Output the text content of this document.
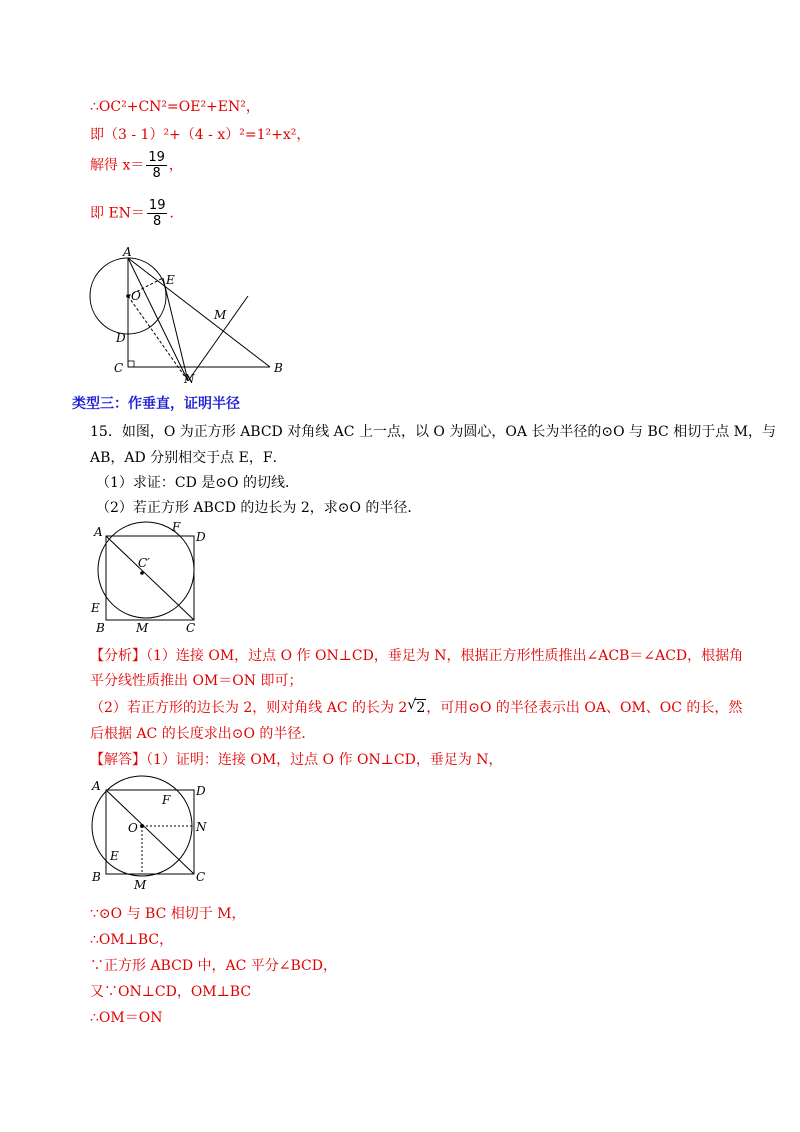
∴OC²+CN²=OE²+EN²，
即（3 - 1）²+（4 - x）²=1²+x²，
解得 $x= \frac{19}{8}$ ，
即 $EN= \frac{19}{8}$ ．
A
E
O
M
D
C
N
B
类型三：作垂直，证明半径
15．如图，O 为正方形 ABCD 对角线 AC 上一点，以 O 为圆心，OA 长为半径的⊙O 与 BC 相切于点 M，与
AB，AD 分别相交于点 E，F．
（1）求证：CD 是⊙O 的切线．
（2）若正方形 ABCD 的边长为 2，求⊙O 的半径．
A	F
D
C′
E
B	M	C
【分析】（1）连接 OM，过点 O 作 ON⊥CD，垂足为 N，根据正方形性质推出∠ACB＝∠ACD，根据角
平分线性质推出 OM＝ON 即可；
（2）若正方形的边长为 2，则对角线 AC 的长为 2 √ 2，可用⊙O 的半径表示出 OA、OM、OC 的长，然
后根据 AC 的长度求出⊙O 的半径．
【解答】（1）证明：连接 OM，过点 O 作 ON⊥CD，垂足为 N，
A
F
D
O	N
E
B
M
C
∵⊙O 与 BC 相切于 M，
∴OM⊥BC，
∵正方形 ABCD 中，AC 平分∠BCD，
又∵ON⊥CD，OM⊥BC
∴OM＝ON
